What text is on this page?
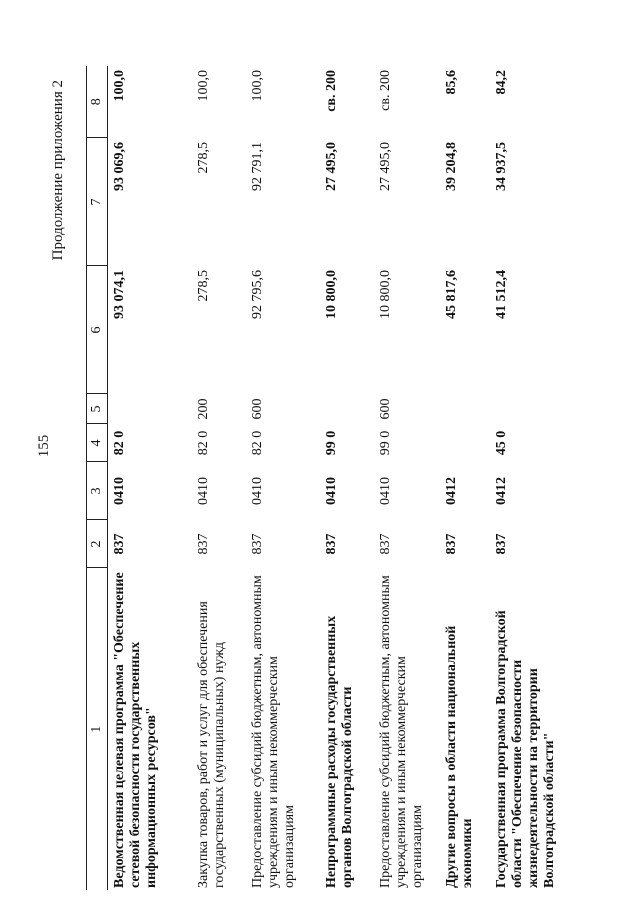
155
Продолжение приложения 2
1	2	3	4	5	6	7	8
Ведомственная целевая программа "Обеспечение сетевой безопасности государственных информационных ресурсов"	837	0410	82 0		93 074,1	93 069,6	100,0
Закупка товаров, работ и услуг для обеспечения государственных (муниципальных) нужд	837	0410	82 0	200	278,5	278,5	100,0
Предоставление субсидий бюджетным, автономным учреждениям и иным некоммерческим организациям	837	0410	82 0	600	92 795,6	92 791,1	100,0
Непрограммные расходы государственных органов Волгоградской области	837	0410	99 0		10 800,0	27 495,0	св. 200
Предоставление субсидий бюджетным, автономным учреждениям и иным некоммерческим организациям	837	0410	99 0	600	10 800,0	27 495,0	св. 200
Другие вопросы в области национальной экономики	837	0412			45 817,6	39 204,8	85,6
Государственная программа Волгоградской области "Обеспечение безопасности жизнедеятельности на территории Волгоградской области"	837	0412	45 0		41 512,4	34 937,5	84,2
